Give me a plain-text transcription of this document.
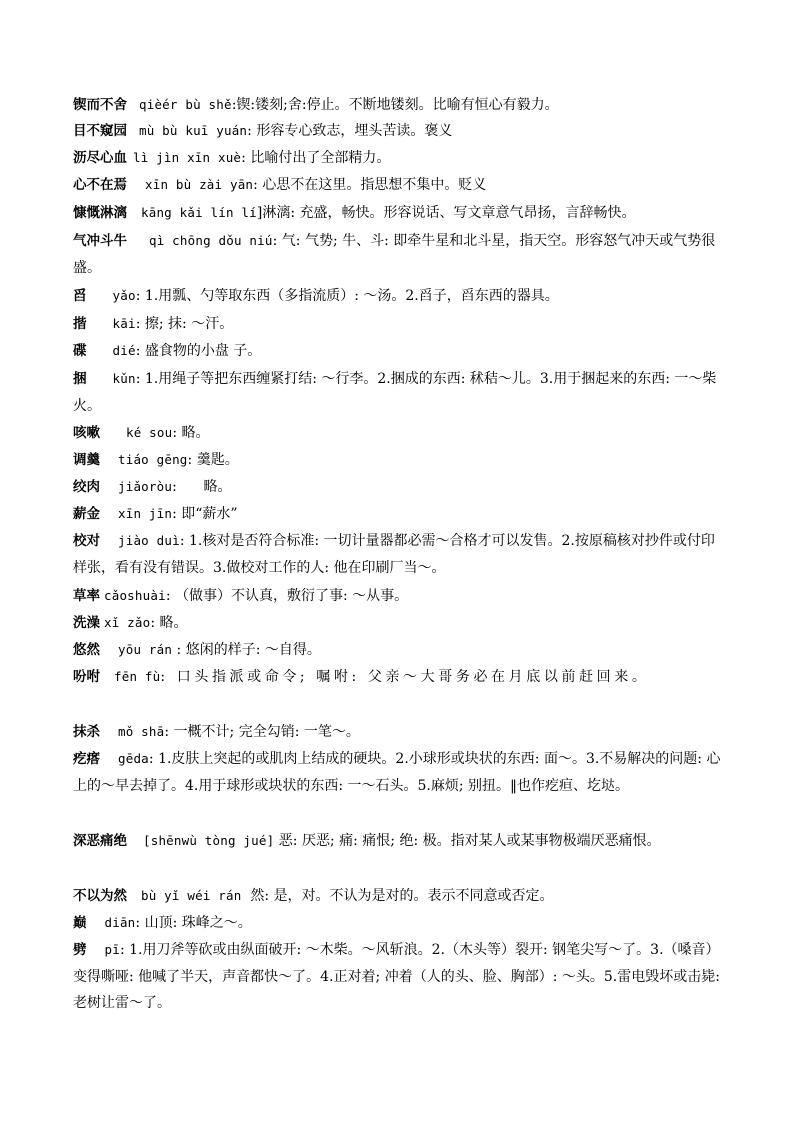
锲而不舍 qièér bù shě:锲:镂刻;舍:停止。不断地镂刻。比喻有恒心有毅力。
目不窥园 mù bù kuī yuán: 形容专心致志，埋头苦读。褒义
沥尽心血 lì jìn xīn xuè: 比喻付出了全部精力。
心不在焉 xīn bù zài yān: 心思不在这里。指思想不集中。贬义
慷慨淋漓 kāng kǎi lín lí]淋漓: 充盛，畅快。形容说话、写文章意气昂扬，言辞畅快。
气冲斗牛 qì chōng dǒu niú: 气: 气势; 牛、斗: 即牵牛星和北斗星，指天空。形容怒气冲天或气势很盛。
舀 yǎo: 1.用瓢、勺等取东西（多指流质）: ～汤。2.舀子，舀东西的器具。
揩 kāi: 擦; 抹: ～汗。
碟 dié: 盛食物的小盘 子。
捆 kǔn: 1.用绳子等把东西缠紧打结: ～行李。2.捆成的东西: 秫秸～儿。3.用于捆起来的东西: 一～柴火。
咳嗽 ké sou: 略。
调羹 tiáo gēng: 羹匙。
绞肉 jiǎoròu:      略。
薪金 xīn jīn: 即“薪水”
校对 jiào duì: 1.核对是否符合标准: 一切计量器都必需～合格才可以发售。2.按原稿核对抄件或付印样张，看有没有错误。3.做校对工作的人: 他在印刷厂当～。
草率 cǎoshuài: （做事）不认真，敷衍了事: ～从事。
洗澡 xǐ zǎo: 略。
悠然 yōu rán : 悠闲的样子: ～自得。
吩咐 fēn fù: 口头指派或命令; 嘱咐: 父亲～大哥务必在月底以前赶回来。
抹杀 mǒ shā: 一概不计; 完全勾销: 一笔～。
疙瘩 gēda: 1.皮肤上突起的或肌肉上结成的硬块。2.小球形或块状的东西: 面～。3.不易解决的问题: 心上的～早去掉了。4.用于球形或块状的东西: 一～石头。5.麻烦; 别扭。‖也作疙疸、圪垯。
深恶痛绝 [shēnwù tòng jué] 恶: 厌恶; 痛: 痛恨; 绝: 极。指对某人或某事物极端厌恶痛恨。
不以为然 bù yǐ wéi rán  然: 是，对。不认为是对的。表示不同意或否定。
巅 diān: 山顶: 珠峰之～。
劈 pī: 1.用刀斧等砍或由纵面破开: ～木柴。～风斩浪。2.（木头等）裂开: 钢笔尖写～了。3.（嗓音）变得嘶哑: 他喊了半天，声音都快～了。4.正对着; 冲着（人的头、脸、胸部）: ～头。5.雷电毁坏或击毙: 老树让雷～了。
